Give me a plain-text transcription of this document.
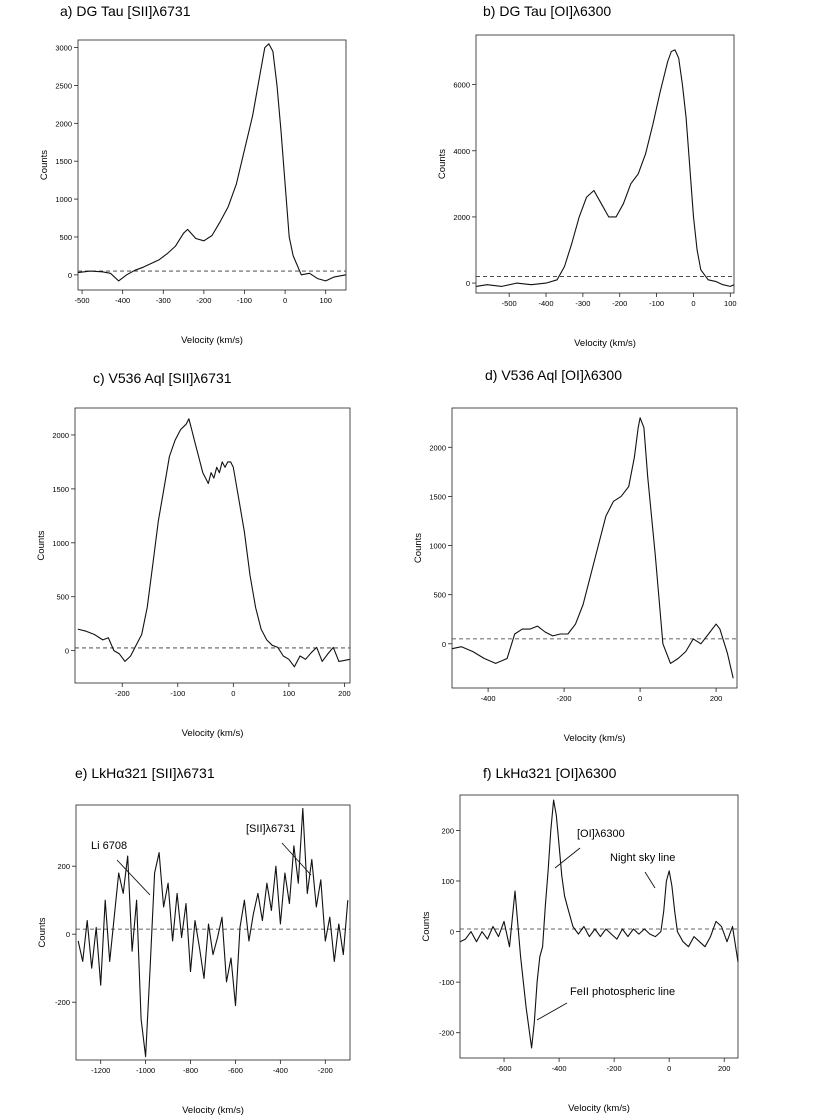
a) DG Tau [SII]λ6731
-500	-400	-300	-200	-100	0	100
0
500
1000
1500
2000
2500
3000
Velocity (km/s)
Counts
b) DG Tau [OI]λ6300
-500	-400	-300	-200	-100	0	100
0
2000
4000
6000
Velocity (km/s)
Counts
c) V536 Aql [SII]λ6731
-200	-100	0	100	200
0
500
1000
1500
2000
Velocity (km/s)
Counts
d) V536 Aql [OI]λ6300
-400	-200	0	200
0
500
1000
1500
2000
Velocity (km/s)
Counts
e) LkHα321 [SII]λ6731
-1200	-1000	-800	-600	-400	-200
-200
0
200
Velocity (km/s)
Counts
Li 6708
[SII]λ6731
f) LkHα321 [OI]λ6300
-600	-400	-200	0	200
-200
-100
0
100
200
Velocity (km/s)
Counts
[OI]λ6300
Night sky line
FeII photospheric line
